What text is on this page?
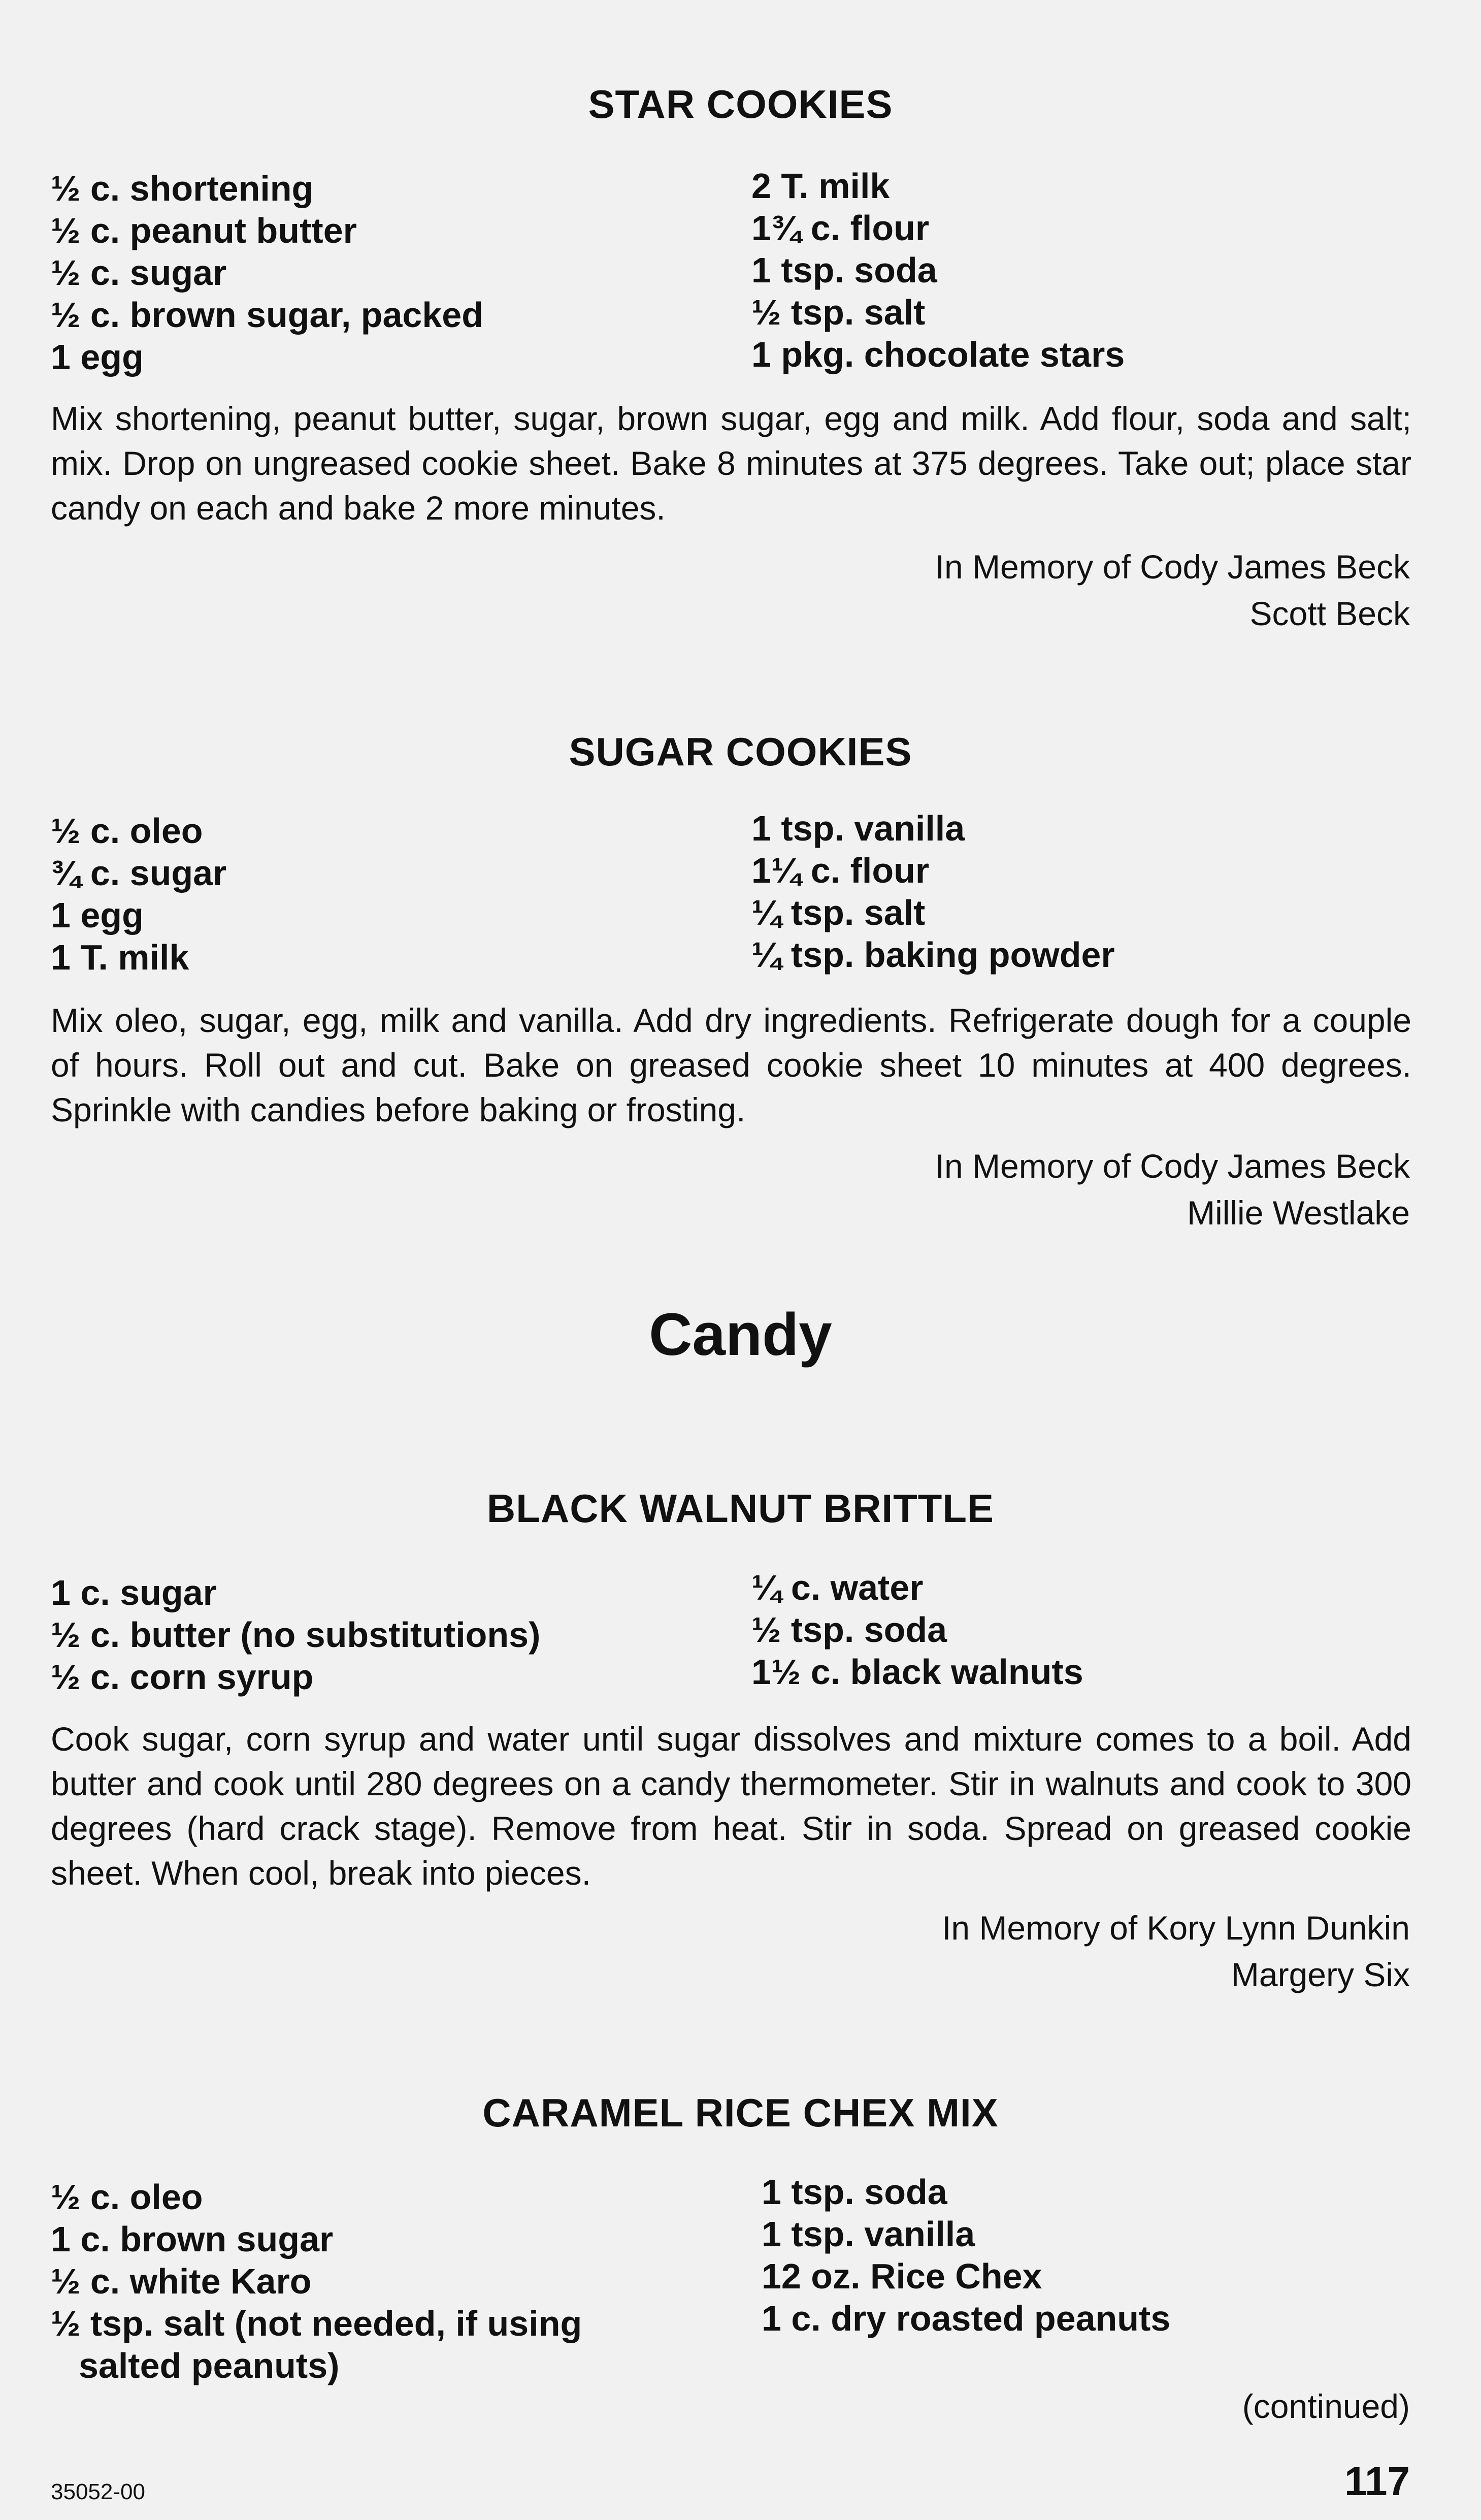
STAR COOKIES
½ c. shortening
½ c. peanut butter
½ c. sugar
½ c. brown sugar, packed
1 egg
2 T. milk
1¾ c. flour
1 tsp. soda
½ tsp. salt
1 pkg. chocolate stars
Mix shortening, peanut butter, sugar, brown sugar, egg and milk. Add flour, soda and salt; mix. Drop on ungreased cookie sheet. Bake 8 minutes at 375 degrees. Take out; place star candy on each and bake 2 more minutes.
In Memory of Cody James Beck
Scott Beck
SUGAR COOKIES
½ c. oleo
¾ c. sugar
1 egg
1 T. milk
1 tsp. vanilla
1¼ c. flour
¼ tsp. salt
¼ tsp. baking powder
Mix oleo, sugar, egg, milk and vanilla. Add dry ingredients. Refrigerate dough for a couple of hours. Roll out and cut. Bake on greased cookie sheet 10 minutes at 400 degrees. Sprinkle with candies before baking or frosting.
In Memory of Cody James Beck
Millie Westlake
Candy
BLACK WALNUT BRITTLE
1 c. sugar
½ c. butter (no substitutions)
½ c. corn syrup
¼ c. water
½ tsp. soda
1½ c. black walnuts
Cook sugar, corn syrup and water until sugar dissolves and mixture comes to a boil. Add butter and cook until 280 degrees on a candy thermometer. Stir in walnuts and cook to 300 degrees (hard crack stage). Remove from heat. Stir in soda. Spread on greased cookie sheet. When cool, break into pieces.
In Memory of Kory Lynn Dunkin
Margery Six
CARAMEL RICE CHEX MIX
½ c. oleo
1 c. brown sugar
½ c. white Karo
½ tsp. salt (not needed, if using
salted peanuts)
1 tsp. soda
1 tsp. vanilla
12 oz. Rice Chex
1 c. dry roasted peanuts
(continued)
35052-00	117
